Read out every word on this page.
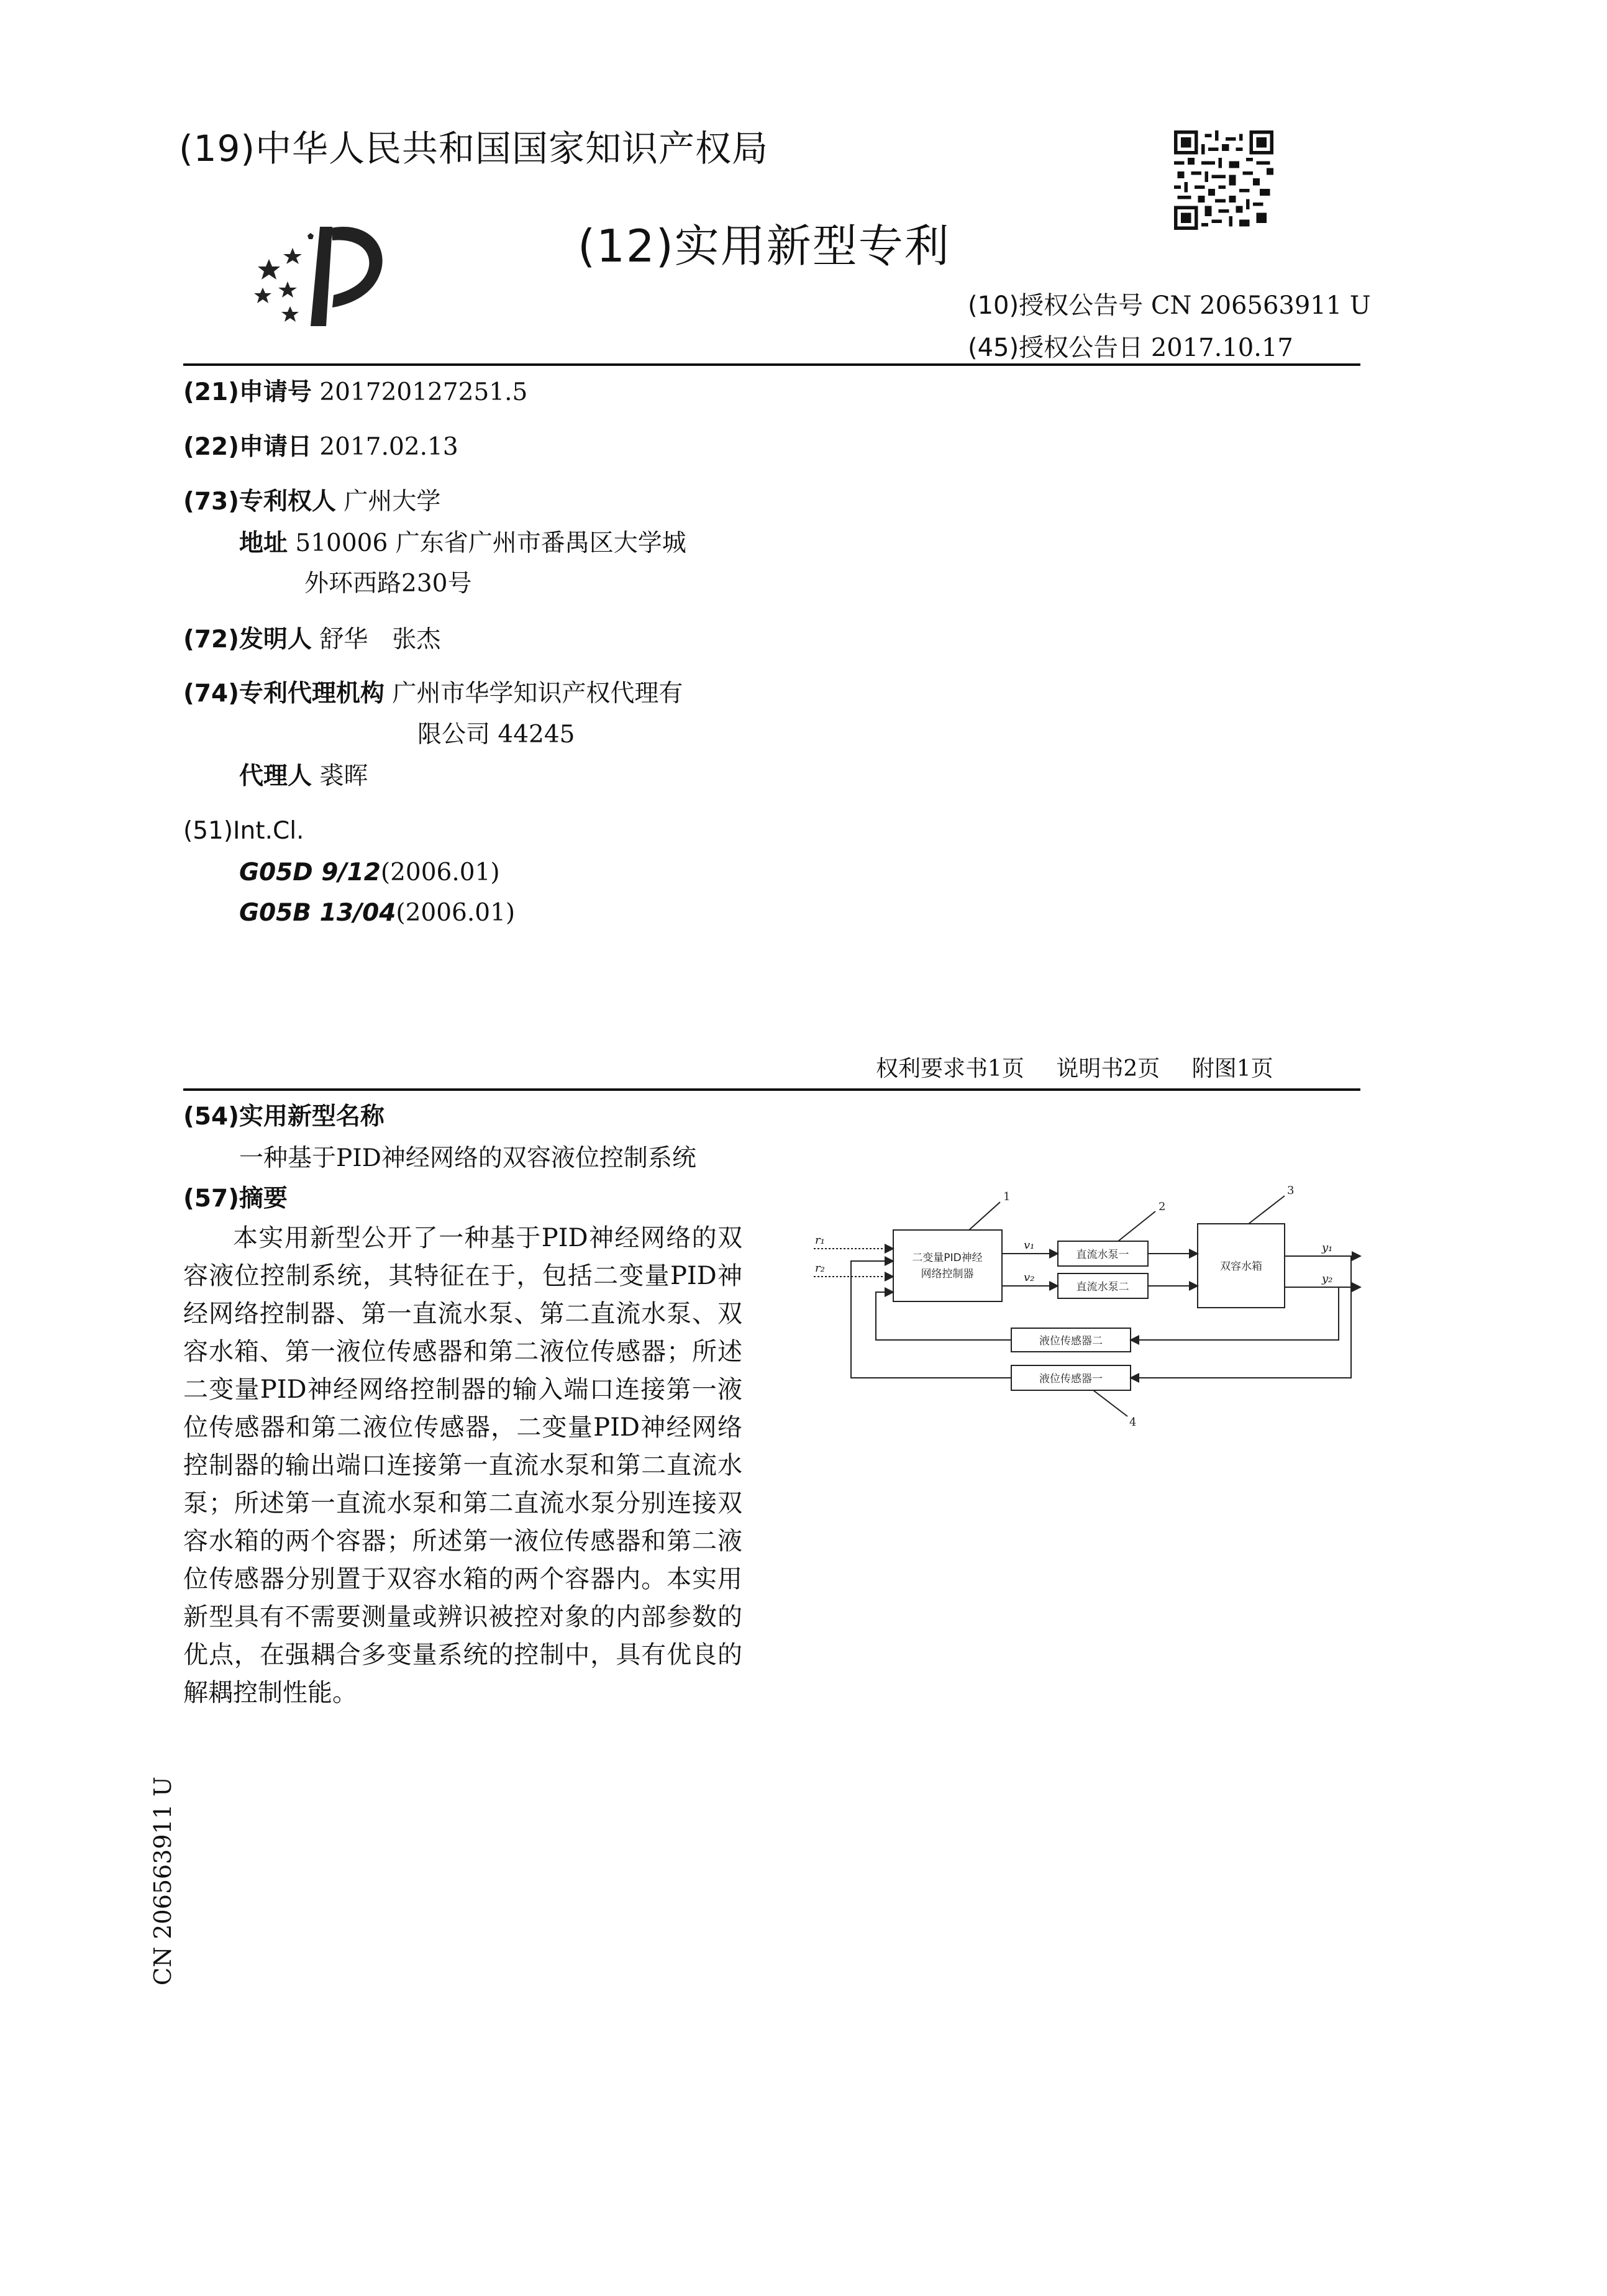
(19)中华人民共和国国家知识产权局
(12)实用新型专利
(10)授权公告号 CN 206563911 U
(45)授权公告日 2017.10.17
(21)申请号 201720127251.5
(22)申请日 2017.02.13
(73)专利权人 广州大学
地址 510006 广东省广州市番禺区大学城
外环西路230号
(72)发明人 舒华　张杰
(74)专利代理机构 广州市华学知识产权代理有
限公司 44245
代理人 裘晖
(51)Int.Cl.
G05D 9/12(2006.01)
G05B 13/04(2006.01)
权利要求书1页 说明书2页 附图1页
(54)实用新型名称
一种基于PID神经网络的双容液位控制系统
(57)摘要
本实用新型公开了一种基于PID神经网络的双容液位控制系统，其特征在于，包括二变量PID神经网络控制器、第一直流水泵、第二直流水泵、双容水箱、第一液位传感器和第二液位传感器；所述二变量PID神经网络控制器的输入端口连接第一液位传感器和第二液位传感器，二变量PID神经网络控制器的输出端口连接第一直流水泵和第二直流水泵；所述第一直流水泵和第二直流水泵分别连接双容水箱的两个容器；所述第一液位传感器和第二液位传感器分别置于双容水箱的两个容器内。本实用新型具有不需要测量或辨识被控对象的内部参数的优点，在强耦合多变量系统的控制中，具有优良的解耦控制性能。
二变量PID神经
网络控制器
直流水泵一
直流水泵二
双容水箱
液位传感器二
液位传感器一
1
2
3
4
r₁
r₂
v₁
v₂
y₁
y₂
CN 206563911 U
